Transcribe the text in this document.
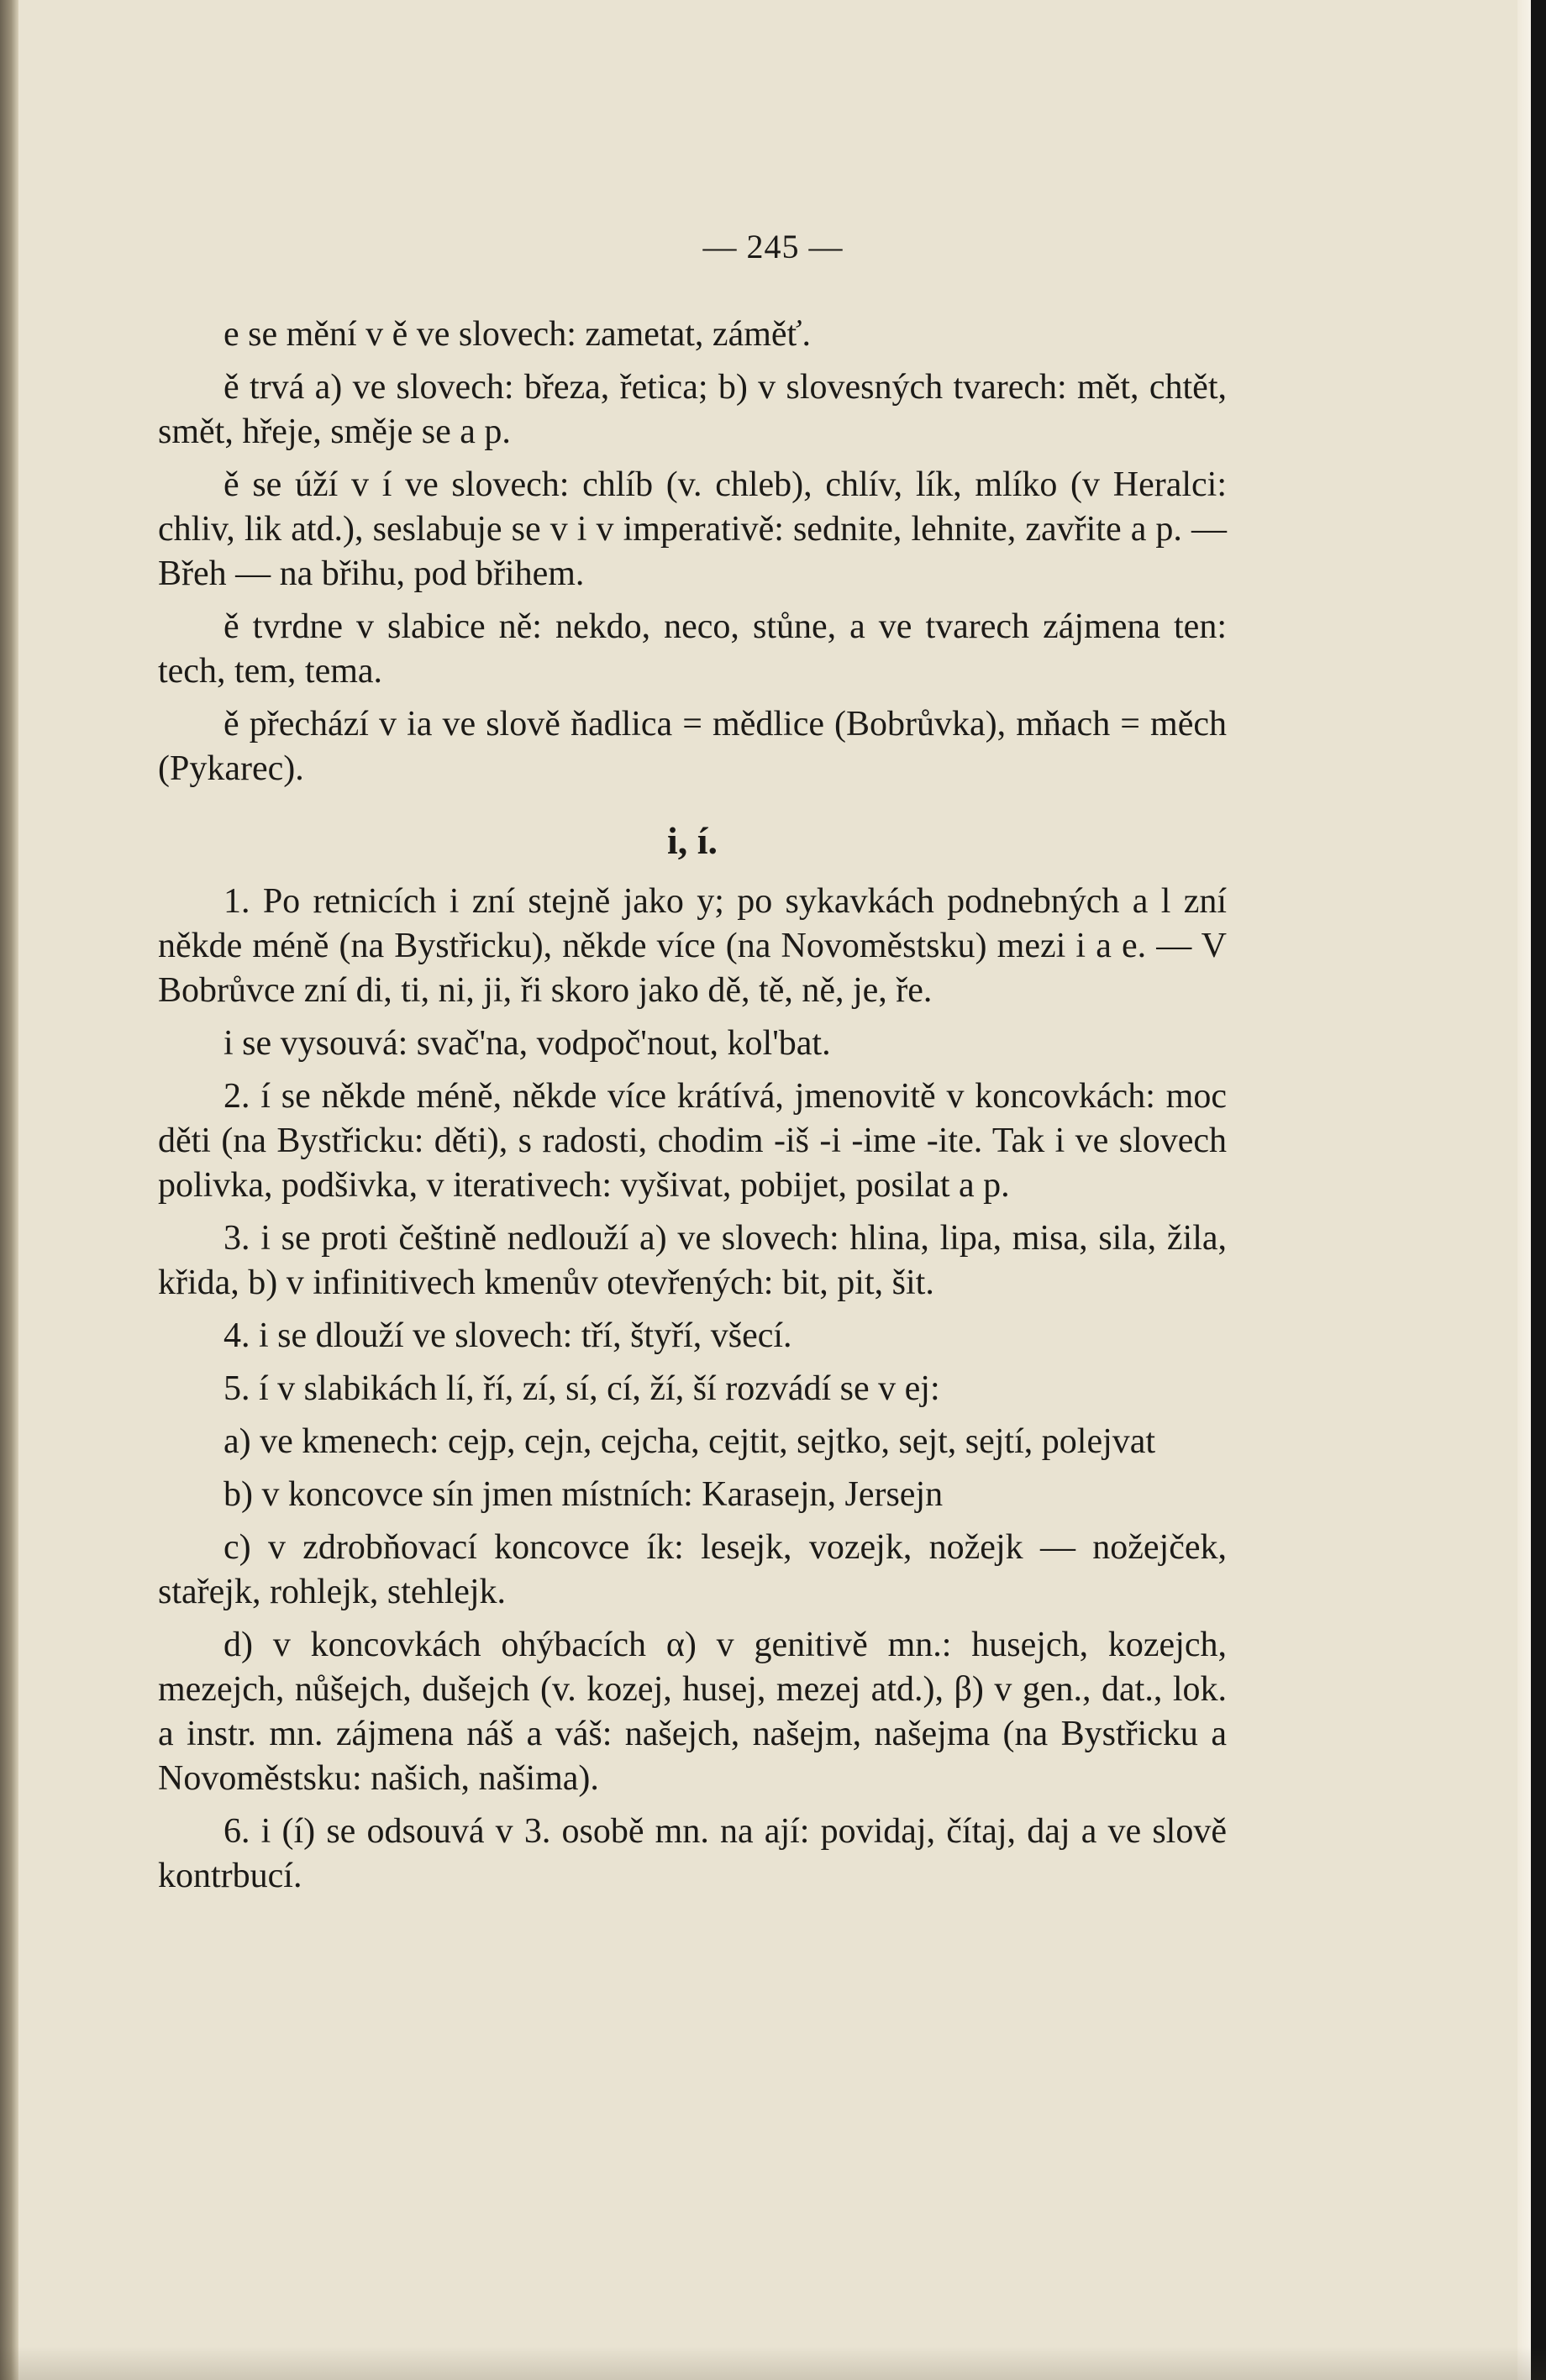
— 245 —

e se mění v ě ve slovech: zametat, záměť.

ě trvá a) ve slovech: březa, řetica; b) v slovesných tvarech: mět, chtět, smět, hřeje, směje se a p.

ě se úží v í ve slovech: chlíb (v. chleb), chlív, lík, mlíko (v Heralci: chliv, lik atd.), seslabuje se v i v imperativě: sednite, lehnite, zavřite a p. — Břeh — na břihu, pod břihem.

ě tvrdne v slabice ně: nekdo, neco, stůne, a ve tvarech zájmena ten: tech, tem, tema.

ě přechází v ia ve slově ňadlica = mědlice (Bobrůvka), mňach = měch (Pykarec).

i, í.

1. Po retnicích i zní stejně jako y; po sykavkách podnebných a l zní někde méně (na Bystřicku), někde více (na Novoměstsku) mezi i a e. — V Bobrůvce zní di, ti, ni, ji, ři skoro jako dě, tě, ně, je, ře.

i se vysouvá: svač'na, vodpoč'nout, kol'bat.

2. í se někde méně, někde více krátívá, jmenovitě v koncovkách: moc děti (na Bystřicku: děti), s radosti, chodim -iš -i -ime -ite. Tak i ve slovech polivka, podšivka, v iterativech: vyšivat, pobijet, posilat a p.

3. i se proti češtině nedlouží a) ve slovech: hlina, lipa, misa, sila, žila, křida, b) v infinitivech kmenův otevřených: bit, pit, šit.

4. i se dlouží ve slovech: tří, štyří, všecí.

5. í v slabikách lí, ří, zí, sí, cí, ží, ší rozvádí se v ej:

a) ve kmenech: cejp, cejn, cejcha, cejtit, sejtko, sejt, sejtí, polejvat

b) v koncovce sín jmen místních: Karasejn, Jersejn

c) v zdrobňovací koncovce ík: lesejk, vozejk, nožejk — nožejček, stařejk, rohlejk, stehlejk.

d) v koncovkách ohýbacích α) v genitivě mn.: husejch, kozejch, mezejch, nůšejch, dušejch (v. kozej, husej, mezej atd.), β) v gen., dat., lok. a instr. mn. zájmena náš a váš: našejch, našejm, našejma (na Bystřicku a Novoměstsku: našich, našima).

6. i (í) se odsouvá v 3. osobě mn. na ají: povidaj, čítaj, daj a ve slově kontrbucí.
